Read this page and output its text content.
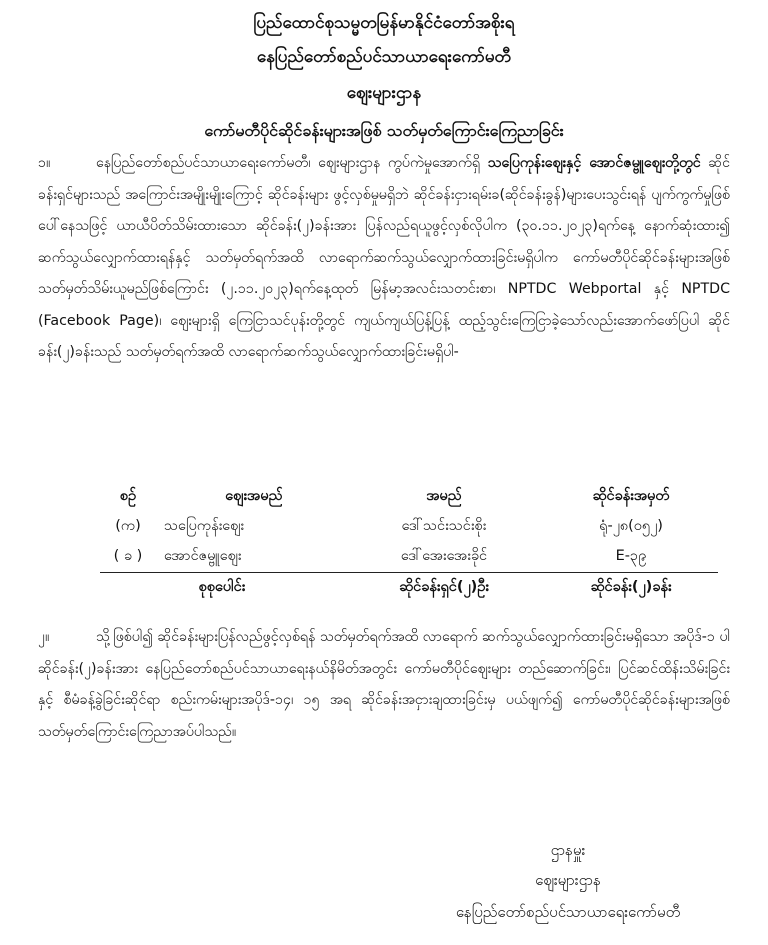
ပြည်ထောင်စုသမ္မတမြန်မာနိုင်ငံတော်အစိုးရ
နေပြည်တော်စည်ပင်သာယာရေးကော်မတီ
ဈေးများဌာန
ကော်မတီပိုင်ဆိုင်ခန်းများအဖြစ် သတ်မှတ်ကြောင်းကြေညာခြင်း
၁။	နေပြည်တော်စည်ပင်သာယာရေးကော်မတီ၊ ဈေးများဌာန ကွပ်ကဲမှုအောက်ရှိ သပြေကုန်းဈေးနှင့် အောင်ဇမ္ဗူဈေးတို့တွင် ဆိုင်ခန်းရှင်များသည် အကြောင်းအမျိုးမျိုးကြောင့် ဆိုင်ခန်းများ ဖွင့်လှစ်မှုမရှိဘဲ ဆိုင်ခန်းငှားရမ်းခ(ဆိုင်ခန်းခွန်)များပေးသွင်းရန် ပျက်ကွက်မှုဖြစ်ပေါ်နေသဖြင့် ယာယီပိတ်သိမ်းထားသော ဆိုင်ခန်း(၂)ခန်းအား ပြန်လည်ရယူဖွင့်လှစ်လိုပါက (၃၀.၁၁.၂၀၂၃)ရက်နေ့ နောက်ဆုံးထား၍ ဆက်သွယ်လျှောက်ထားရန်နှင့် သတ်မှတ်ရက်အထိ လာရောက်ဆက်သွယ်လျှောက်ထားခြင်းမရှိပါက ကော်မတီပိုင်ဆိုင်ခန်းများအဖြစ် သတ်မှတ်သိမ်းယူမည်ဖြစ်ကြောင်း (၂.၁၁.၂၀၂၃)ရက်နေ့ထုတ် မြန်မာ့အလင်းသတင်းစာ၊ NPTDC Webportal နှင့် NPTDC (Facebook Page)၊ ဈေးများရှိ ကြေငြာသင်ပုန်းတို့တွင် ကျယ်ကျယ်ပြန့်ပြန့် ထည့်သွင်းကြေငြာခဲ့သော်လည်းအောက်ဖော်ပြပါ ဆိုင်ခန်း(၂)ခန်းသည် သတ်မှတ်ရက်အထိ လာရောက်ဆက်သွယ်လျှောက်ထားခြင်းမရှိပါ-
စဉ်	ဈေးအမည်	အမည်	ဆိုင်ခန်းအမှတ်
(က)	သပြေကုန်းဈေး	ဒေါ်သင်းသင်းစိုး	ရုံ-၂၈(၀၅၂)
( ခ )	အောင်ဇမ္ဗူဈေး	ဒေါ်အေးအေးခိုင်	E-၃၉
စုစုပေါင်း		ဆိုင်ခန်းရှင်(၂)ဦး	ဆိုင်ခန်း(၂)ခန်း
၂။	သို့ဖြစ်ပါ၍ ဆိုင်ခန်းများပြန်လည်ဖွင့်လှစ်ရန် သတ်မှတ်ရက်အထိ လာရောက် ဆက်သွယ်လျှောက်ထားခြင်းမရှိသော အပိုဒ်-၁ ပါ ဆိုင်ခန်း(၂)ခန်းအား နေပြည်တော်စည်ပင်သာယာရေးနယ်နိမိတ်အတွင်း ကော်မတီပိုင်ဈေးများ တည်ဆောက်ခြင်း၊ ပြင်ဆင်ထိန်းသိမ်းခြင်းနှင့် စီမံခန့်ခွဲခြင်းဆိုင်ရာ စည်းကမ်းများအပိုဒ်-၁၄၊ ၁၅ အရ ဆိုင်ခန်းအငှားချထားခြင်းမှ ပယ်ဖျက်၍ ကော်မတီပိုင်ဆိုင်ခန်းများအဖြစ် သတ်မှတ်ကြောင်းကြေညာအပ်ပါသည်။
ဌာနမှူး
ဈေးများဌာန
နေပြည်တော်စည်ပင်သာယာရေးကော်မတီ
